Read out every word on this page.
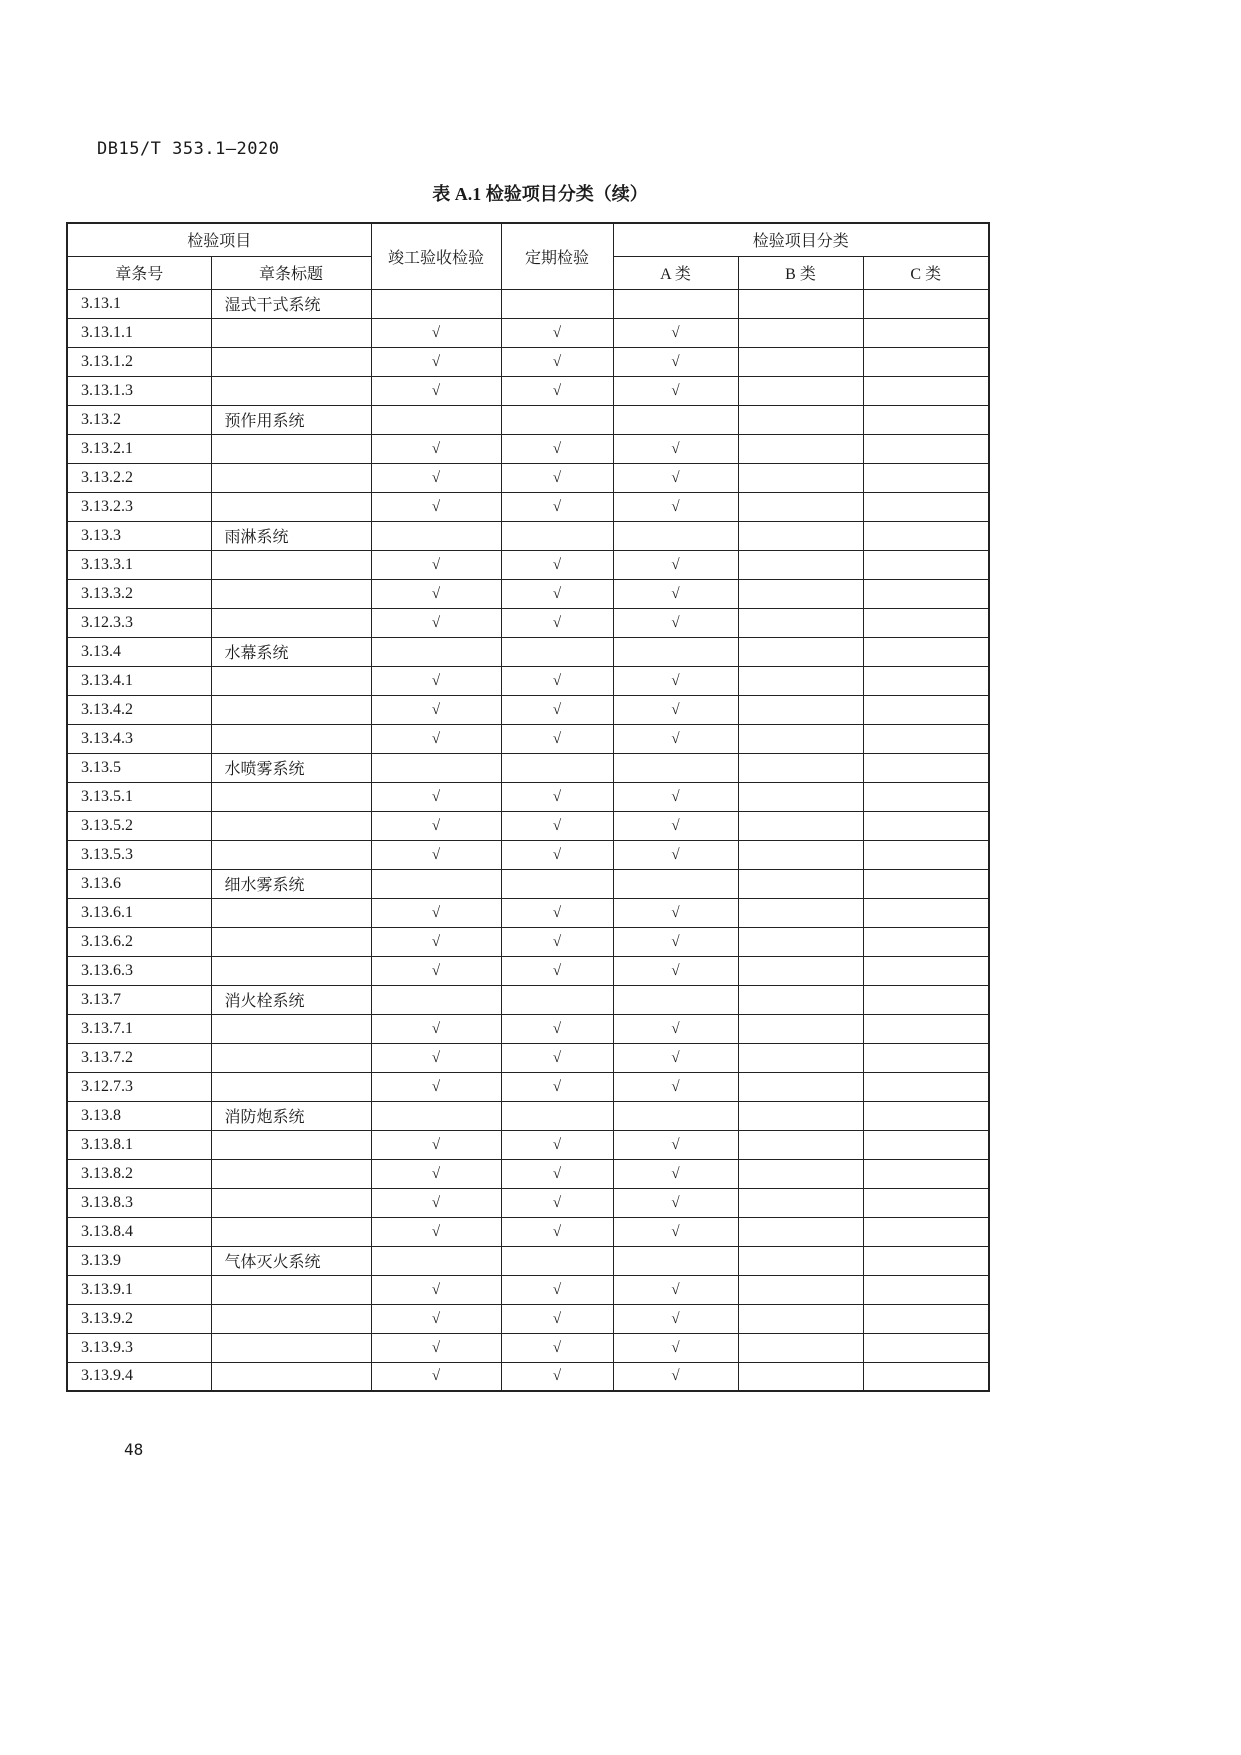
DB15/T 353.1—2020
表 A.1 检验项目分类（续）
检验项目		竣工验收检验	定期检验	检验项目分类		
章条号	章条标题			A 类	B 类	C 类
3.13.1	湿式干式系统					
3.13.1.1		√	√	√		
3.13.1.2		√	√	√		
3.13.1.3		√	√	√		
3.13.2	预作用系统					
3.13.2.1		√	√	√		
3.13.2.2		√	√	√		
3.13.2.3		√	√	√		
3.13.3	雨淋系统					
3.13.3.1		√	√	√		
3.13.3.2		√	√	√		
3.12.3.3		√	√	√		
3.13.4	水幕系统					
3.13.4.1		√	√	√		
3.13.4.2		√	√	√		
3.13.4.3		√	√	√		
3.13.5	水喷雾系统					
3.13.5.1		√	√	√		
3.13.5.2		√	√	√		
3.13.5.3		√	√	√		
3.13.6	细水雾系统					
3.13.6.1		√	√	√		
3.13.6.2		√	√	√		
3.13.6.3		√	√	√		
3.13.7	消火栓系统					
3.13.7.1		√	√	√		
3.13.7.2		√	√	√		
3.12.7.3		√	√	√		
3.13.8	消防炮系统					
3.13.8.1		√	√	√		
3.13.8.2		√	√	√		
3.13.8.3		√	√	√		
3.13.8.4		√	√	√		
3.13.9	气体灭火系统					
3.13.9.1		√	√	√		
3.13.9.2		√	√	√		
3.13.9.3		√	√	√		
3.13.9.4		√	√	√		
48
